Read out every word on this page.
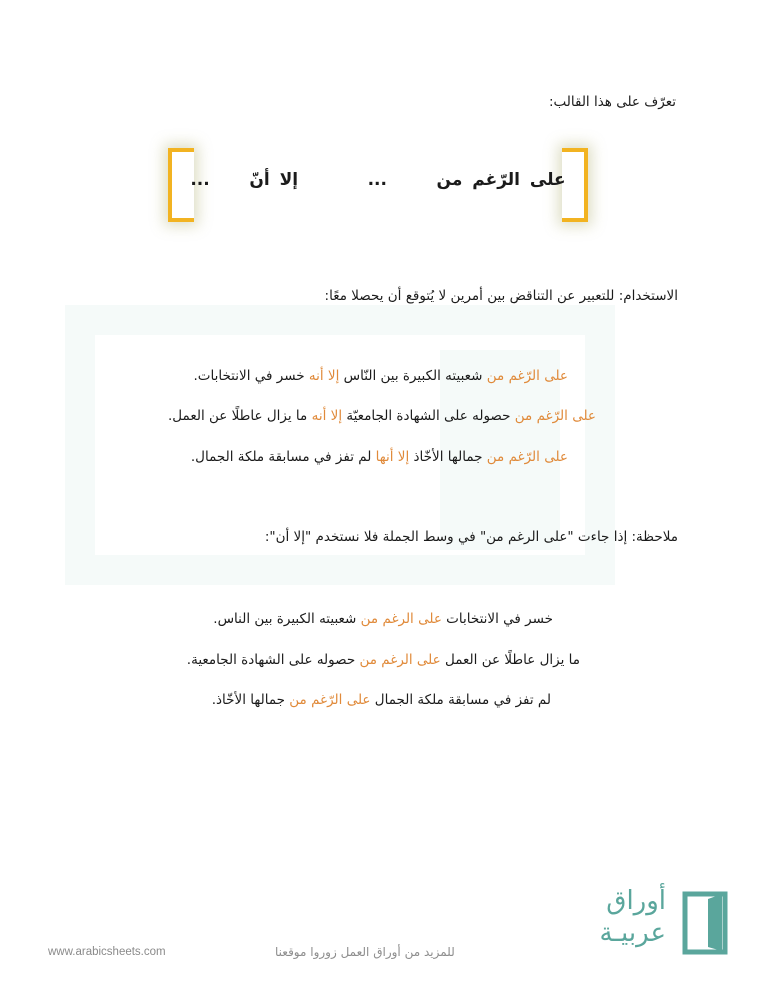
تعرّف على هذا القالب:
على الرّغم من     ...       إلا أنّ    ...
الاستخدام: للتعبير عن التناقض بين أمرين لا يُتوقع أن يحصلا معًا:
على الرّغم من شعبيته الكبيرة بين النّاس إلا أنه خسر في الانتخابات.
على الرّغم من حصوله على الشهادة الجامعيّة إلا أنه ما يزال عاطلًا عن العمل.
على الرّغم من جمالها الأخّاذ إلا أنها لم تفز في مسابقة ملكة الجمال.
ملاحظة: إذا جاءت "على الرغم من" في وسط الجملة فلا نستخدم "إلا أن":
خسر في الانتخابات على الرغم من شعبيته الكبيرة بين الناس.
ما يزال عاطلًا عن العمل على الرغم من حصوله على الشهادة الجامعية.
لم تفز في مسابقة ملكة الجمال على الرّغم من جمالها الأخّاذ.
www.arabicsheets.com	للمزيد من أوراق العمل زوروا موقعنا
أوراق
عربيـة
